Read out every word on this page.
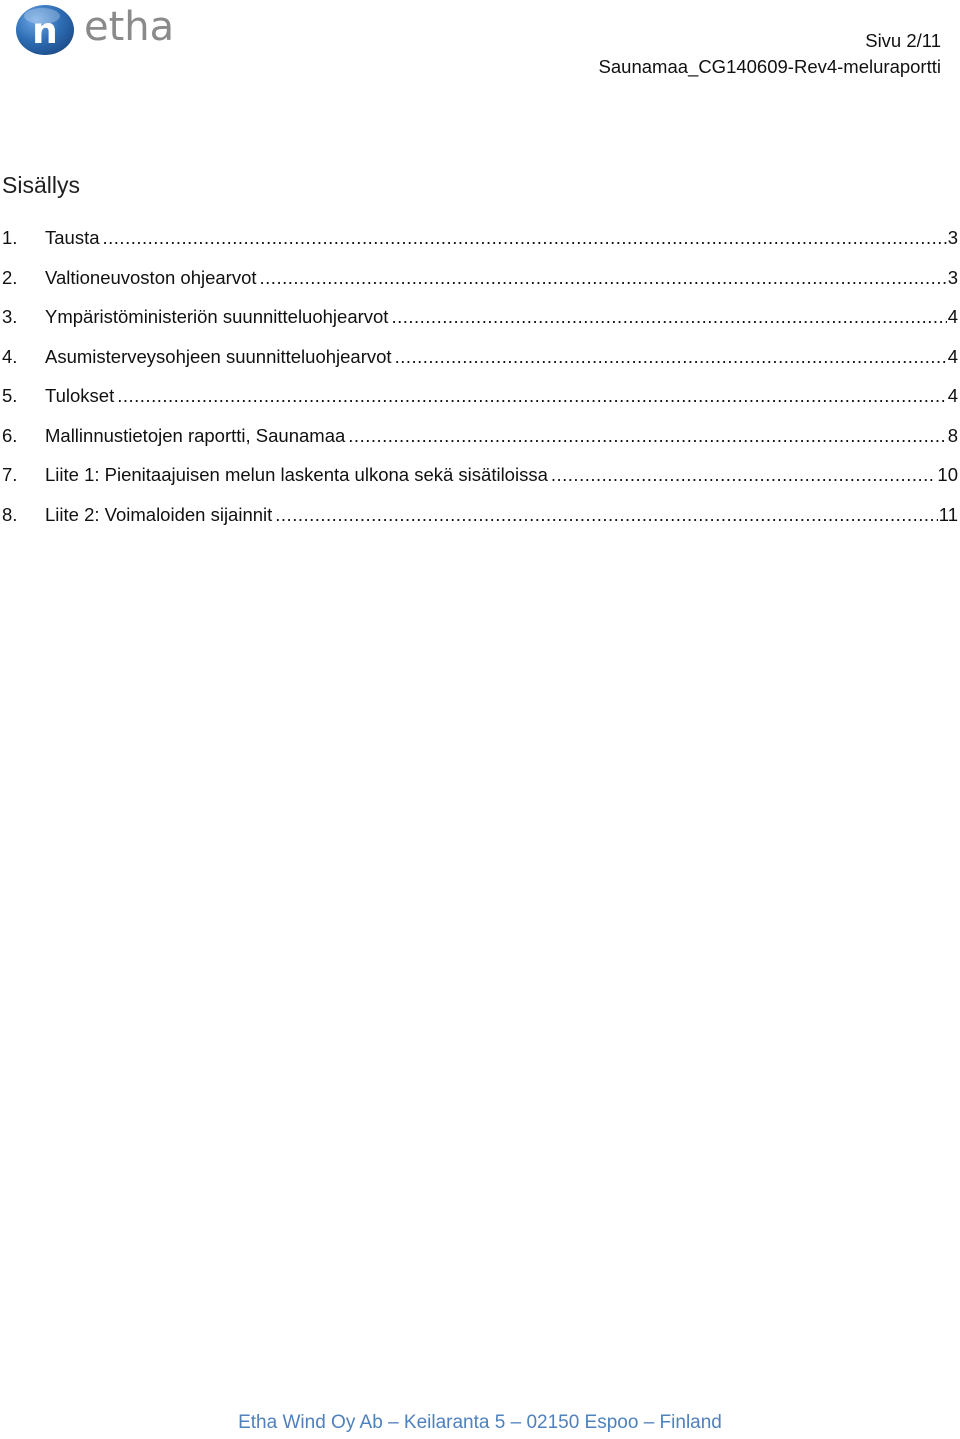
n etha	Sivu 2/11
Saunamaa_CG140609-Rev4-meluraportti
Sisällys
1.	Tausta .....	3
2.	Valtioneuvoston ohjearvot .....	3
3.	Ympäristöministeriön suunnitteluohjearvot .....	4
4.	Asumisterveysohjeen suunnitteluohjearvot .....	4
5.	Tulokset .....	4
6.	Mallinnustietojen raportti, Saunamaa .....	8
7.	Liite 1: Pienitaajuisen melun laskenta ulkona sekä sisätiloissa .....	10
8.	Liite 2: Voimaloiden sijainnit .....	11
Etha Wind Oy Ab – Keilaranta 5 – 02150 Espoo – Finland
